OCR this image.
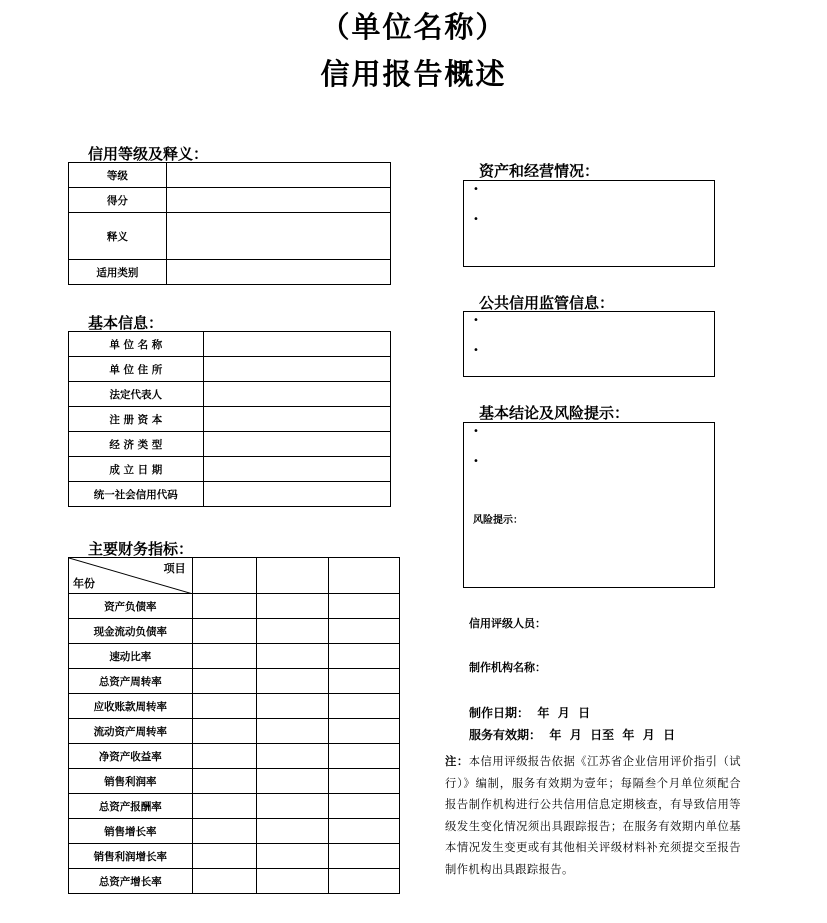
（单位名称）
信用报告概述
信用等级及释义：
等级	
得分	
释义	
适用类别	
基本信息：
单 位 名 称	
单 位 住 所	
法定代表人	
注 册 资 本	
经 济 类 型	
成 立 日 期	
统一社会信用代码	
主要财务指标：
项目
年份			

资产负债率			
现金流动负债率			
速动比率			
总资产周转率			
应收账款周转率			
流动资产周转率			
净资产收益率			
销售利润率			
总资产报酬率			
销售增长率			
销售利润增长率			
总资产增长率			
资产和经营情况：
•
•
公共信用监管信息：
•
•
基本结论及风险提示：
•
•
风险提示：
信用评级人员：
制作机构名称：
制作日期：  年  月  日
服务有效期：  年  月  日至  年  月  日
注：本信用评级报告依据《江苏省企业信用评价指引（试行）》编制，服务有效期为壹年；每隔叁个月单位须配合报告制作机构进行公共信用信息定期核查，有导致信用等级发生变化情况须出具跟踪报告；在服务有效期内单位基本情况发生变更或有其他相关评级材料补充须提交至报告制作机构出具跟踪报告。
